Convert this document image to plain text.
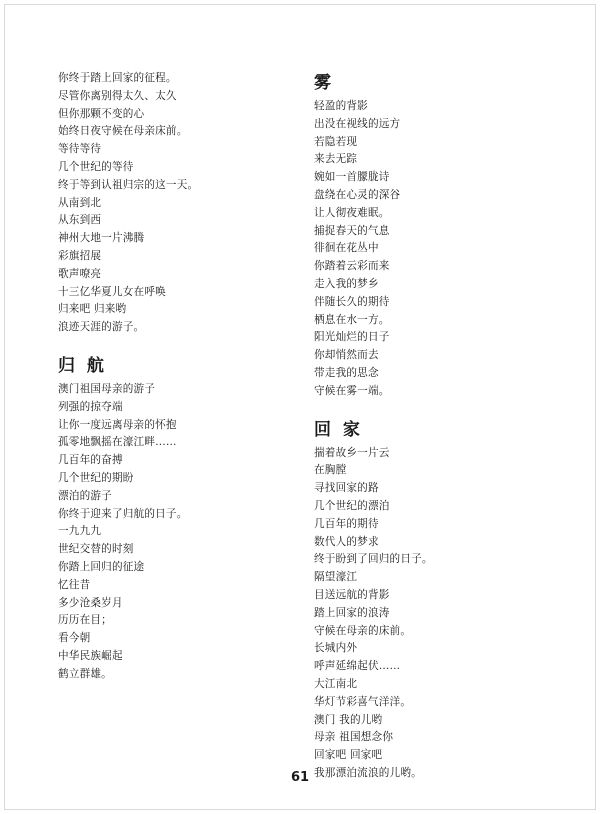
你终于踏上回家的征程。
尽管你离别得太久、太久
但你那颗不变的心
始终日夜守候在母亲床前。
等待等待
几个世纪的等待
终于等到认祖归宗的这一天。
从南到北
从东到西
神州大地一片沸腾
彩旗招展
歌声嘹亮
十三亿华夏儿女在呼唤
归来吧 归来哟
浪迹天涯的游子。
归 航
澳门祖国母亲的游子
列强的掠夺端
让你一度远离母亲的怀抱
孤零地飘摇在濠江畔……
几百年的奋搏
几个世纪的期盼
漂泊的游子
你终于迎来了归航的日子。
一九九九
世纪交替的时刻
你踏上回归的征途
忆往昔
多少沧桑岁月
历历在目；
看今朝
中华民族崛起
鹤立群雄。
雾
轻盈的背影
出没在视线的远方
若隐若现
来去无踪
婉如一首朦胧诗
盘绕在心灵的深谷
让人彻夜难眠。
捕捉春天的气息
徘徊在花丛中
你踏着云彩而来
走入我的梦乡
伴随长久的期待
栖息在水一方。
阳光灿烂的日子
你却悄然而去
带走我的思念
守候在雾一端。
回 家
揣着故乡一片云
在胸膛
寻找回家的路
几个世纪的漂泊
几百年的期待
数代人的梦求
终于盼到了回归的日子。
隔望濠江
目送远航的背影
踏上回家的浪涛
守候在母亲的床前。
长城内外
呼声延绵起伏……
大江南北
华灯节彩喜气洋洋。
澳门 我的儿哟
母亲 祖国想念你
回家吧 回家吧
我那漂泊流浪的儿哟。
61
